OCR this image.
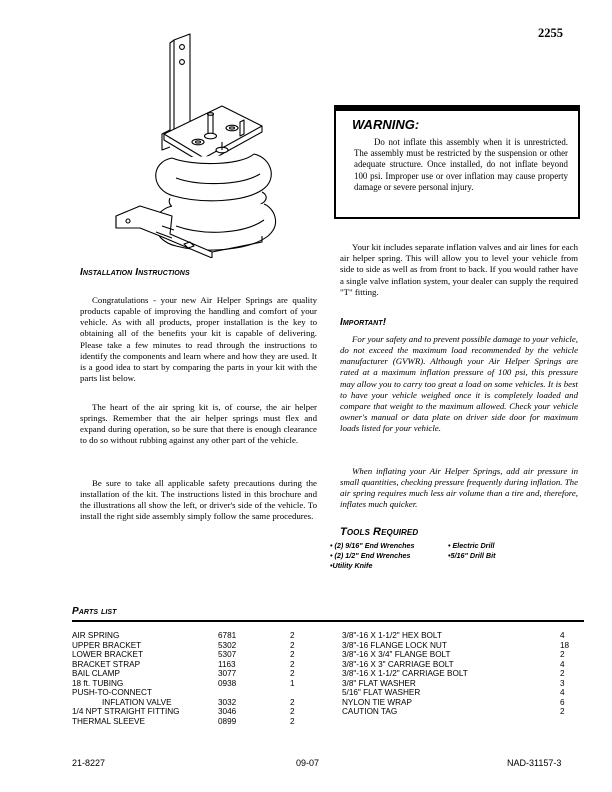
2255
WARNING:

Do not inflate this assembly when it is unrestricted. The assembly must be restricted by the suspension or other adequate structure. Once installed, do not inflate beyond 100 psi. Improper use or over inflation may cause property damage or severe personal injury.

Your kit includes separate inflation valves and air lines for each air helper spring. This will allow you to level your vehicle from side to side as well as from front to back. If you would rather have a single valve inflation system, your dealer can supply the required "T" fitting.

Installation Instructions

Congratulations - your new Air Helper Springs are quality products capable of improving the handling and comfort of your vehicle. As with all products, proper installation is the key to obtaining all of the benefits your kit is capable of delivering. Please take a few minutes to read through the instructions to identify the components and learn where and how they are used. It is a good idea to start by comparing the parts in your kit with the parts list below.

The heart of the air spring kit is, of course, the air helper springs. Remember that the air helper springs must flex and expand during operation, so be sure that there is enough clearance to do so without rubbing against any other part of the vehicle.

Be sure to take all applicable safety precautions during the installation of the kit. The instructions listed in this brochure and the illustrations all show the left, or driver's side of the vehicle. To install the right side assembly simply follow the same procedures.

Important!

For your safety and to prevent possible damage to your vehicle, do not exceed the maximum load recommended by the vehicle manufacturer (GVWR). Although your Air Helper Springs are rated at a maximum inflation pressure of 100 psi, this pressure may allow you to carry too great a load on some vehicles. It is best to have your vehicle weighed once it is completely loaded and compare that weight to the maximum allowed. Check your vehicle owner's manual or data plate on driver side door for maximum loads listed for your vehicle.

When inflating your Air Helper Springs, add air pressure in small quantities, checking pressure frequently during inflation. The air spring requires much less air volume than a tire and, therefore, inflates much quicker.

Tools Required
• (2) 9/16" End Wrenches	• Electric Drill
• (2) 1/2" End Wrenches	•5/16" Drill Bit
•Utility Knife
Parts list
AIR SPRING	6781	2
UPPER BRACKET	5302	2
LOWER BRACKET	5307	2
BRACKET STRAP	1163	2
BAIL CLAMP	3077	2
18 ft. TUBING	0938	1
PUSH-TO-CONNECT
INFLATION VALVE	3032	2
1/4 NPT STRAIGHT FITTING	3046	2
THERMAL SLEEVE	0899	2
3/8"-16 X 1-1/2" HEX BOLT	4
3/8"-16 FLANGE LOCK NUT	18
3/8"-16 X 3/4" FLANGE BOLT	2
3/8"-16 X 3" CARRIAGE BOLT	4
3/8"-16 X 1-1/2" CARRIAGE BOLT	2
3/8" FLAT WASHER	3
5/16" FLAT WASHER	4
NYLON TIE WRAP	6
CAUTION TAG	2
21-8227	09-07	NAD-31157-3
